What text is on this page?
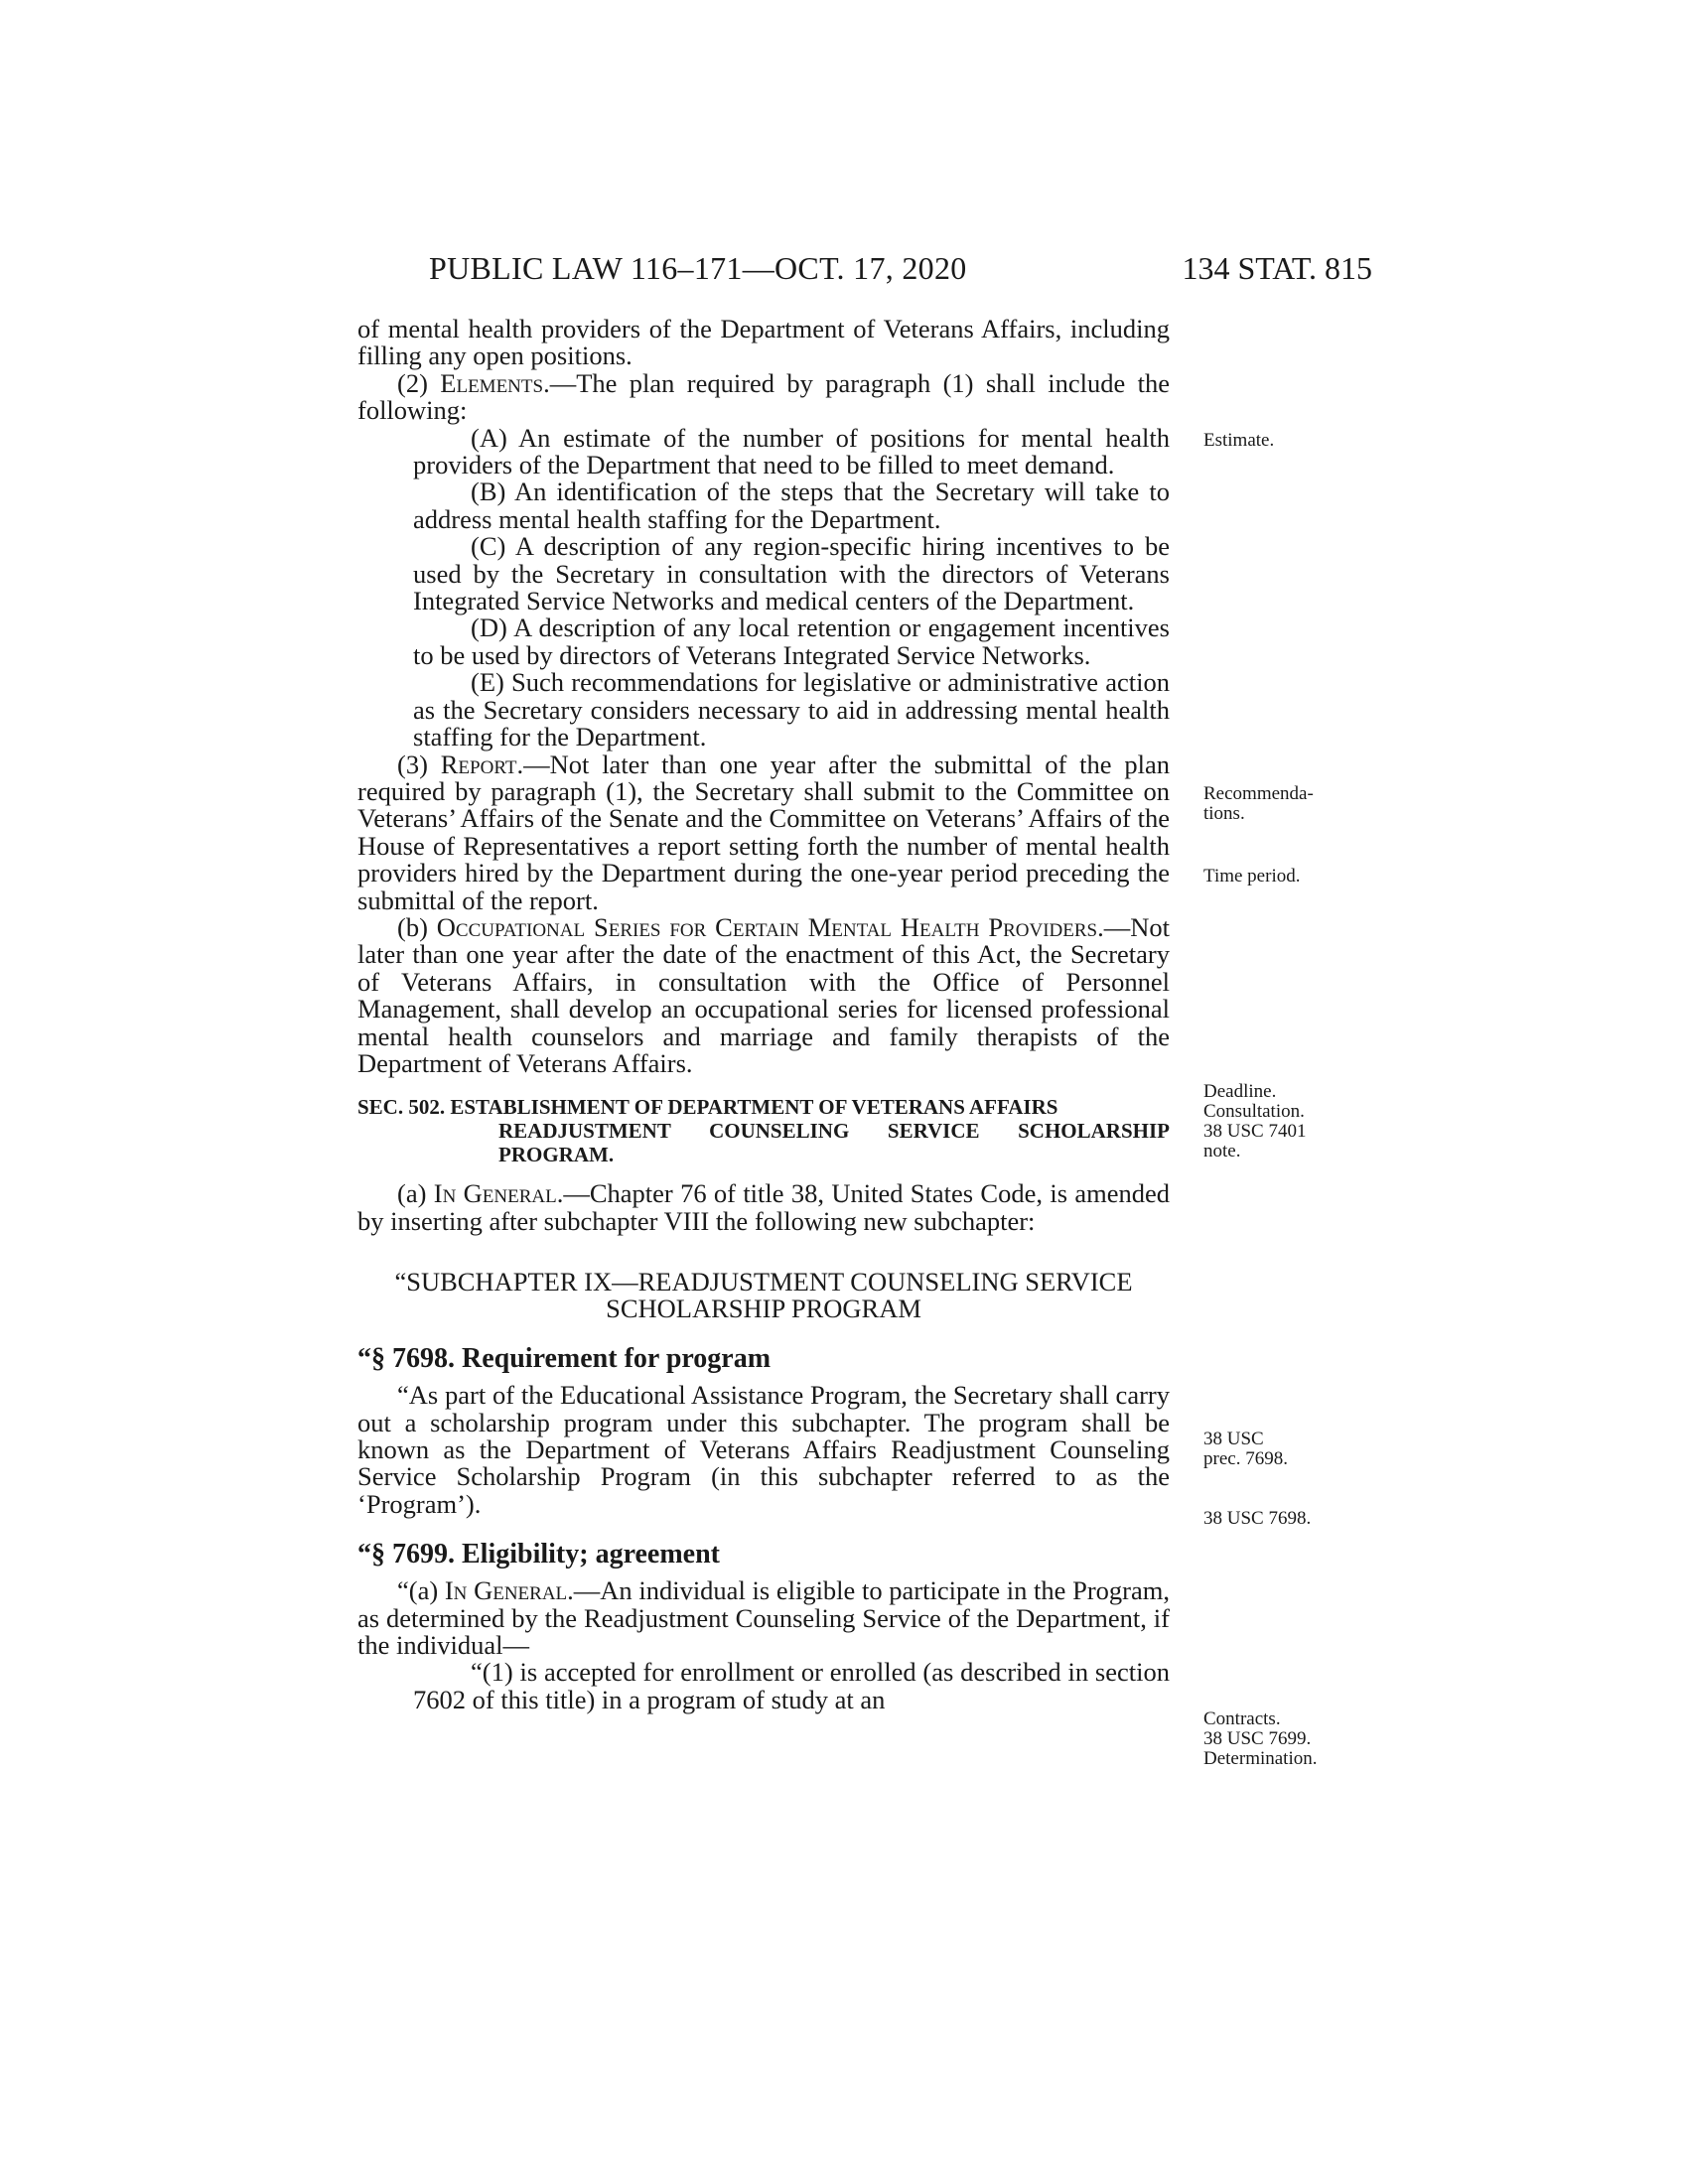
PUBLIC LAW 116–171—OCT. 17, 2020	134 STAT. 815

of mental health providers of the Department of Veterans Affairs, including filling any open positions.

(2) Elements.—The plan required by paragraph (1) shall include the following:

(A) An estimate of the number of positions for mental health providers of the Department that need to be filled to meet demand.

(B) An identification of the steps that the Secretary will take to address mental health staffing for the Department.

(C) A description of any region-specific hiring incentives to be used by the Secretary in consultation with the directors of Veterans Integrated Service Networks and medical centers of the Department.

(D) A description of any local retention or engagement incentives to be used by directors of Veterans Integrated Service Networks.

(E) Such recommendations for legislative or administrative action as the Secretary considers necessary to aid in addressing mental health staffing for the Department.

(3) Report.—Not later than one year after the submittal of the plan required by paragraph (1), the Secretary shall submit to the Committee on Veterans’ Affairs of the Senate and the Committee on Veterans’ Affairs of the House of Representatives a report setting forth the number of mental health providers hired by the Department during the one-year period preceding the submittal of the report.

(b) Occupational Series for Certain Mental Health Providers.—Not later than one year after the date of the enactment of this Act, the Secretary of Veterans Affairs, in consultation with the Office of Personnel Management, shall develop an occupational series for licensed professional mental health counselors and marriage and family therapists of the Department of Veterans Affairs.

SEC. 502. ESTABLISHMENT OF DEPARTMENT OF VETERANS AFFAIRS
READJUSTMENT COUNSELING SERVICE SCHOLARSHIP PROGRAM.

(a) In General.—Chapter 76 of title 38, United States Code, is amended by inserting after subchapter VIII the following new subchapter:

“SUBCHAPTER IX—READJUSTMENT COUNSELING SERVICE
SCHOLARSHIP PROGRAM

“§ 7698. Requirement for program

“As part of the Educational Assistance Program, the Secretary shall carry out a scholarship program under this subchapter. The program shall be known as the Department of Veterans Affairs Readjustment Counseling Service Scholarship Program (in this subchapter referred to as the ‘Program’).

“§ 7699. Eligibility; agreement

“(a) In General.—An individual is eligible to participate in the Program, as determined by the Readjustment Counseling Service of the Department, if the individual—

“(1) is accepted for enrollment or enrolled (as described in section 7602 of this title) in a program of study at an

Estimate.
Recommenda-
tions.
Time period.
Deadline.
Consultation.
38 USC 7401
note.
38 USC
prec. 7698.
38 USC 7698.
Contracts.
38 USC 7699.
Determination.
